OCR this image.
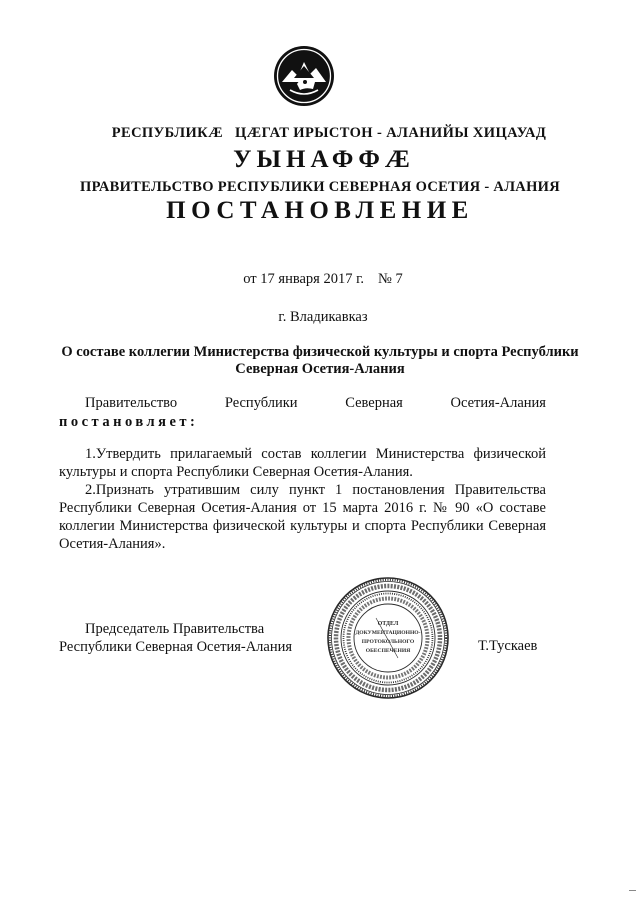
РЕСПУБЛИКÆ ЦÆГАТ ИРЫСТОН - АЛАНИЙЫ ХИЦАУАД
УЫНАФФÆ
ПРАВИТЕЛЬСТВО РЕСПУБЛИКИ СЕВЕРНАЯ ОСЕТИЯ - АЛАНИЯ
ПОСТАНОВЛЕНИЕ
от 17 января 2017 г. № 7
г. Владикавказ
О составе коллегии Министерства физической культуры и спорта Республики Северная Осетия-Алания
Правительство	Республики	Северная	Осетия-Алания
постановляет:

1.Утвердить прилагаемый состав коллегии Министерства физической культуры и спорта Республики Северная Осетия-Алания.

2.Признать утратившим силу пункт 1 постановления Правительства Республики Северная Осетия-Алания от 15 марта 2016 г. № 90 «О составе коллегии Министерства физической культуры и спорта Республики Северная Осетия-Алания».

Председатель Правительства
Республики Северная Осетия-Алания	Т.Тускаев
ОТДЕЛ
ДОКУМЕНТАЦИОННО-
ПРОТОКОЛЬНОГО
ОБЕСПЕЧЕНИЯ
